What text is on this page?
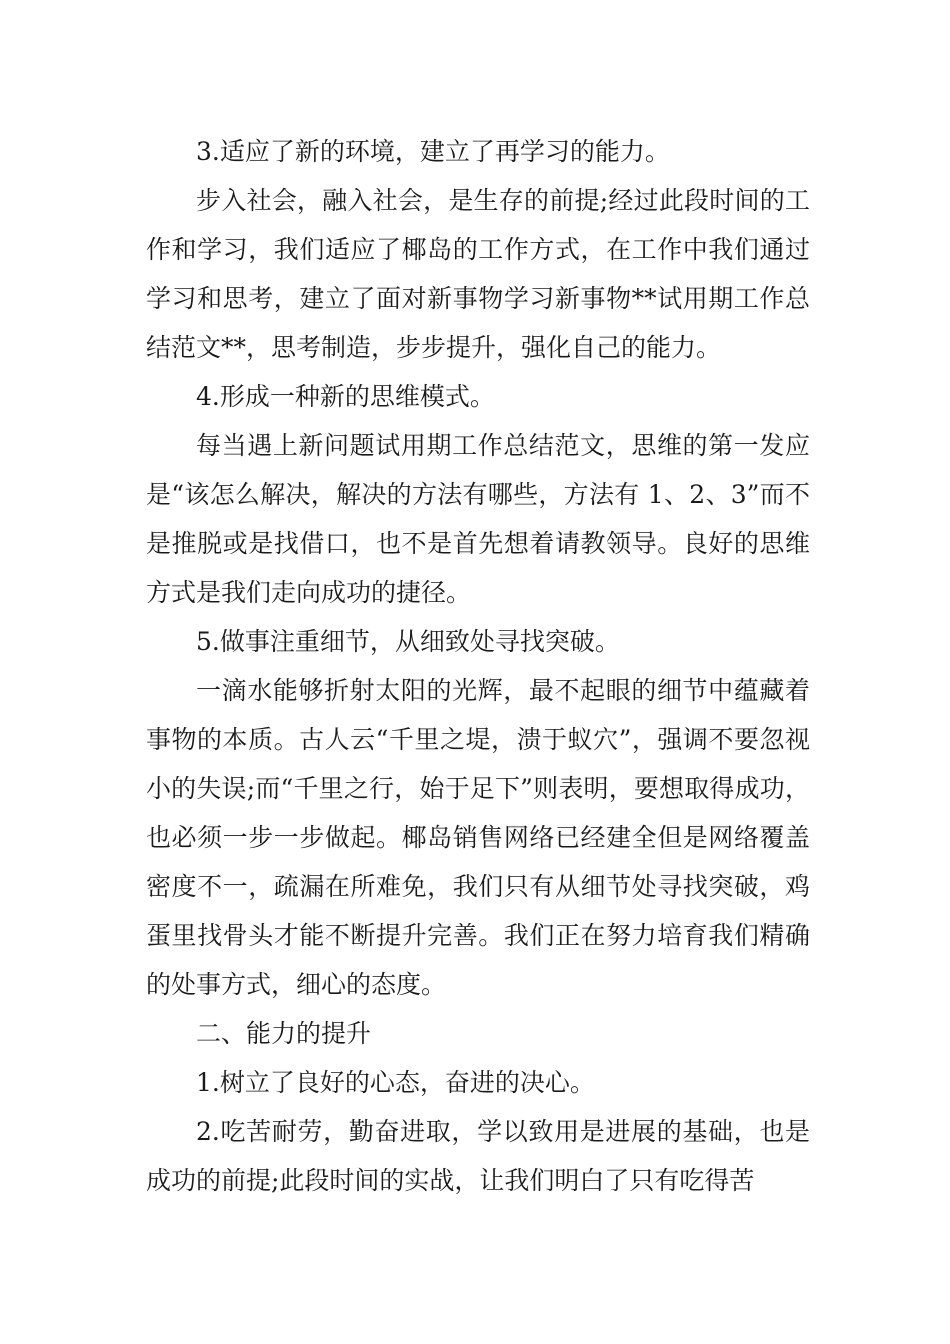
3.适应了新的环境，建立了再学习的能力。

步入社会，融入社会，是生存的前提;经过此段时间的工作和学习，我们适应了椰岛的工作方式，在工作中我们通过学习和思考，建立了面对新事物学习新事物**试用期工作总结范文**，思考制造，步步提升，强化自己的能力。

4.形成一种新的思维模式。

每当遇上新问题试用期工作总结范文，思维的第一发应是“该怎么解决，解决的方法有哪些，方法有 1、2、3”而不是推脱或是找借口，也不是首先想着请教领导。良好的思维方式是我们走向成功的捷径。

5.做事注重细节，从细致处寻找突破。

一滴水能够折射太阳的光辉，最不起眼的细节中蕴藏着事物的本质。古人云“千里之堤，溃于蚁穴”，强调不要忽视小的失误;而“千里之行，始于足下”则表明，要想取得成功，也必须一步一步做起。椰岛销售网络已经建全但是网络覆盖密度不一，疏漏在所难免，我们只有从细节处寻找突破，鸡蛋里找骨头才能不断提升完善。我们正在努力培育我们精确的处事方式，细心的态度。

二、能力的提升

1.树立了良好的心态，奋进的决心。

2.吃苦耐劳，勤奋进取，学以致用是进展的基础，也是成功的前提;此段时间的实战，让我们明白了只有吃得苦
